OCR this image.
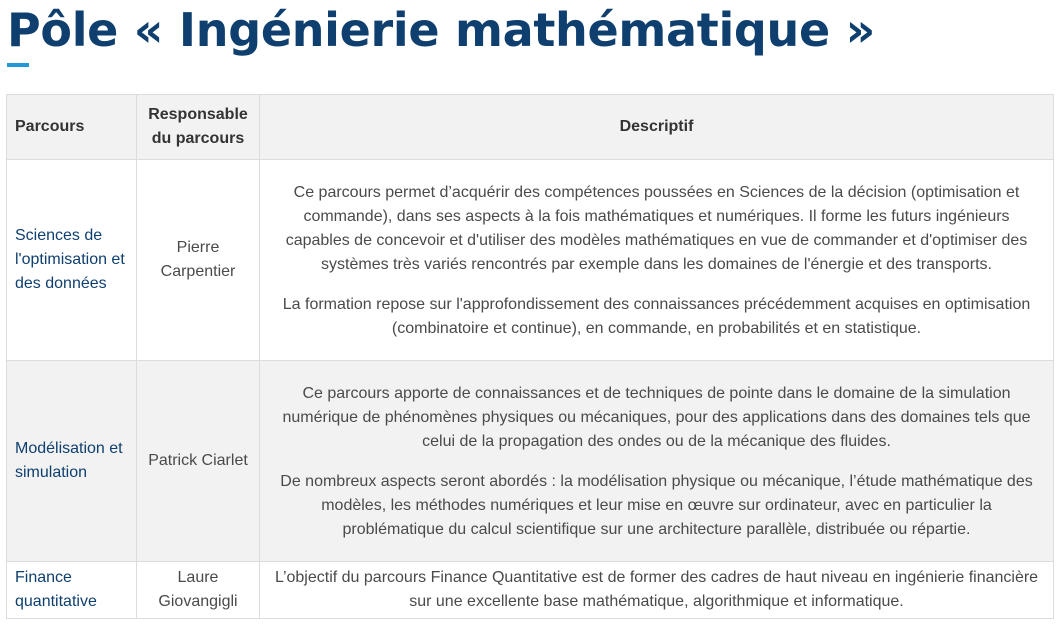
Pôle « Ingénierie mathématique »
Parcours	Responsable du parcours	Descriptif
Sciences de l'optimisation et des données	Pierre Carpentier	Ce parcours permet d’acquérir des compétences poussées en Sciences de la décision (optimisation et commande), dans ses aspects à la fois mathématiques et numériques. Il forme les futurs ingénieurs capables de concevoir et d'utiliser des modèles mathématiques en vue de commander et d'optimiser des systèmes très variés rencontrés par exemple dans les domaines de l'énergie et des transports.

La formation repose sur l'approfondissement des connaissances précédemment acquises en optimisation (combinatoire et continue), en commande, en probabilités et en statistique.

Modélisation et simulation	Patrick Ciarlet	Ce parcours apporte de connaissances et de techniques de pointe dans le domaine de la simulation numérique de phénomènes physiques ou mécaniques, pour des applications dans des domaines tels que celui de la propagation des ondes ou de la mécanique des fluides.

De nombreux aspects seront abordés : la modélisation physique ou mécanique, l’étude mathématique des modèles, les méthodes numériques et leur mise en œuvre sur ordinateur, avec en particulier la problématique du calcul scientifique sur une architecture parallèle, distribuée ou répartie.

Finance quantitative	Laure Giovangigli	L’objectif du parcours Finance Quantitative est de former des cadres de haut niveau en ingénierie financière sur une excellente base mathématique, algorithmique et informatique.
